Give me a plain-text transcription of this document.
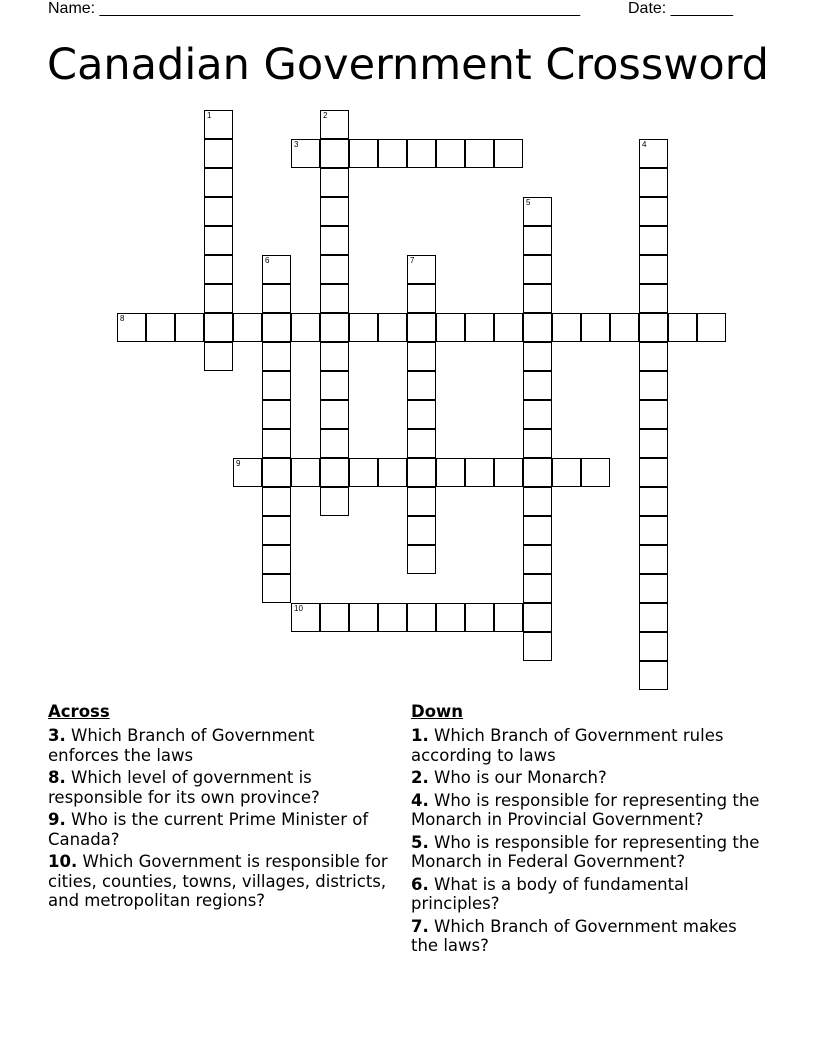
Name: ______________________________________________________	Date: _______
Canadian Government Crossword
1	2
3	4
5
6	7
8
9
10
Across
3. Which Branch of Government enforces the laws
8. Which level of government is responsible for its own province?
9. Who is the current Prime Minister of Canada?
10. Which Government is responsible for cities, counties, towns, villages, districts, and metropolitan regions?
Down
1. Which Branch of Government rules according to laws
2. Who is our Monarch?
4. Who is responsible for representing the Monarch in Provincial Government?
5. Who is responsible for representing the Monarch in Federal Government?
6. What is a body of fundamental principles?
7. Which Branch of Government makes the laws?
